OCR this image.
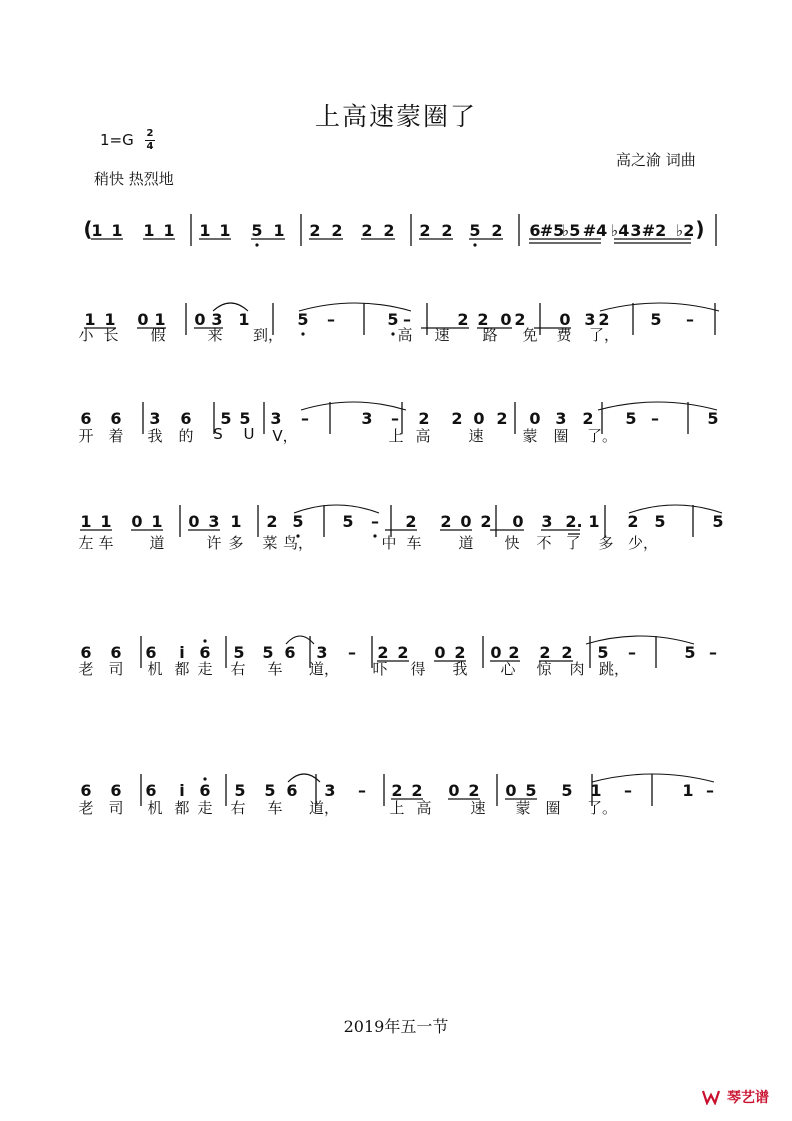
上高速蒙圈了
1=G 2
4
稍快 热烈地
高之渝 词曲
(
1 1 1 1 1 1 5 1 2 2 2 2 2 2 5 2 6 #5
♭5 #4 ♭4 3 #2 ♭2 )
1 1 0 1 0 3 1	5 –	5 –	2 2 0 2 0 3 2	5 –
6 6 3 6 5 5 3 –	3 – 2 2 0 2 0 3 2 5 –	5
1 1 0 1 0 3 1 2 5 5 – 2 2 0 2 0 3 2. 1 2 5	5
6 6 6 i 6 5 5 6 3 – 2 2 0 2 0 2 2 2 5 –	5 –
6 6 6 i 6 5 5 6 3 – 2 2 0 2 0 5 5 1 –	1 –
小 长 假	来 到，	高 速 路 免 费 了，
开 着 我 的 S U V，	上 高	速	蒙 圈 了。
左 车 道	许 多 菜 鸟，	中 车 道 快 不 了 多 少，
老 司 机 都 走 右 车 道， 吓 得 我 心 惊 肉 跳，
老 司 机 都 走 右 车 道，	上 高	速 蒙 圈 了。
2019年五一节
琴艺谱
